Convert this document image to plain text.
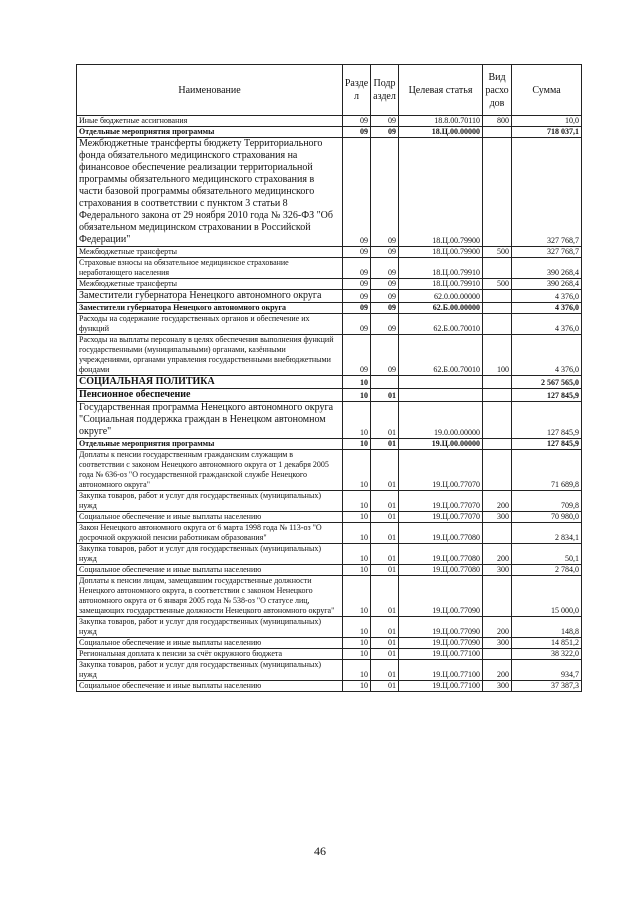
Наименование	Разде л	Подр аздел	Целевая статья	Вид расхо дов	Сумма
Иные бюджетные ассигнования	09	09	18.8.00.70110	800	10,0
Отдельные мероприятия программы	09	09	18.Ц.00.00000		718 037,1
Межбюджетные трансферты бюджету Территориального фонда обязательного медицинского страхования на финансовое обеспечение реализации территориальной программы обязательного медицинского страхования в части базовой программы обязательного медицинского страхования в соответствии с пунктом 3 статьи 8 Федерального закона от 29 ноября 2010 года № 326-ФЗ "Об обязательном медицинском страховании в Российской Федерации"	09	09	18.Ц.00.79900		327 768,7
Межбюджетные трансферты	09	09	18.Ц.00.79900	500	327 768,7
Страховые взносы на обязательное медицинское страхование неработающего населения	09	09	18.Ц.00.79910		390 268,4
Межбюджетные трансферты	09	09	18.Ц.00.79910	500	390 268,4
Заместители губернатора Ненецкого автономного округа	09	09	62.0.00.00000		4 376,0
Заместители губернатора Ненецкого автономного округа	09	09	62.Б.00.00000		4 376,0
Расходы на содержание государственных органов и обеспечение их функций	09	09	62.Б.00.70010		4 376,0
Расходы на выплаты персоналу в целях обеспечения выполнения функций государственными (муниципальными) органами, казёнными учреждениями, органами управления государственными внебюджетными фондами	09	09	62.Б.00.70010	100	4 376,0
СОЦИАЛЬНАЯ ПОЛИТИКА	10				2 567 565,0
Пенсионное обеспечение	10	01			127 845,9
Государственная программа Ненецкого автономного округа "Социальная поддержка граждан в Ненецком автономном округе"	10	01	19.0.00.00000		127 845,9
Отдельные мероприятия программы	10	01	19.Ц.00.00000		127 845,9
Доплаты к пенсии государственным гражданским служащим в соответствии с законом Ненецкого автономного округа от 1 декабря 2005 года № 636-оз "О государственной гражданской службе Ненецкого автономного округа"	10	01	19.Ц.00.77070		71 689,8
Закупка товаров, работ и услуг для государственных (муниципальных) нужд	10	01	19.Ц.00.77070	200	709,8
Социальное обеспечение и иные выплаты населению	10	01	19.Ц.00.77070	300	70 980,0
Закон Ненецкого автономного округа от 6 марта 1998 года № 113-оз "О досрочной окружной пенсии работникам образования"	10	01	19.Ц.00.77080		2 834,1
Закупка товаров, работ и услуг для государственных (муниципальных) нужд	10	01	19.Ц.00.77080	200	50,1
Социальное обеспечение и иные выплаты населению	10	01	19.Ц.00.77080	300	2 784,0
Доплаты к пенсии лицам, замещавшим государственные должности Ненецкого автономного округа, в соответствии с законом Ненецкого автономного округа от 6 января 2005 года № 538-оз "О статусе лиц, замещающих государственные должности Ненецкого автономного округа"	10	01	19.Ц.00.77090		15 000,0
Закупка товаров, работ и услуг для государственных (муниципальных) нужд	10	01	19.Ц.00.77090	200	148,8
Социальное обеспечение и иные выплаты населению	10	01	19.Ц.00.77090	300	14 851,2
Региональная доплата к пенсии за счёт окружного бюджета	10	01	19.Ц.00.77100		38 322,0
Закупка товаров, работ и услуг для государственных (муниципальных) нужд	10	01	19.Ц.00.77100	200	934,7
Социальное обеспечение и иные выплаты населению	10	01	19.Ц.00.77100	300	37 387,3
46
